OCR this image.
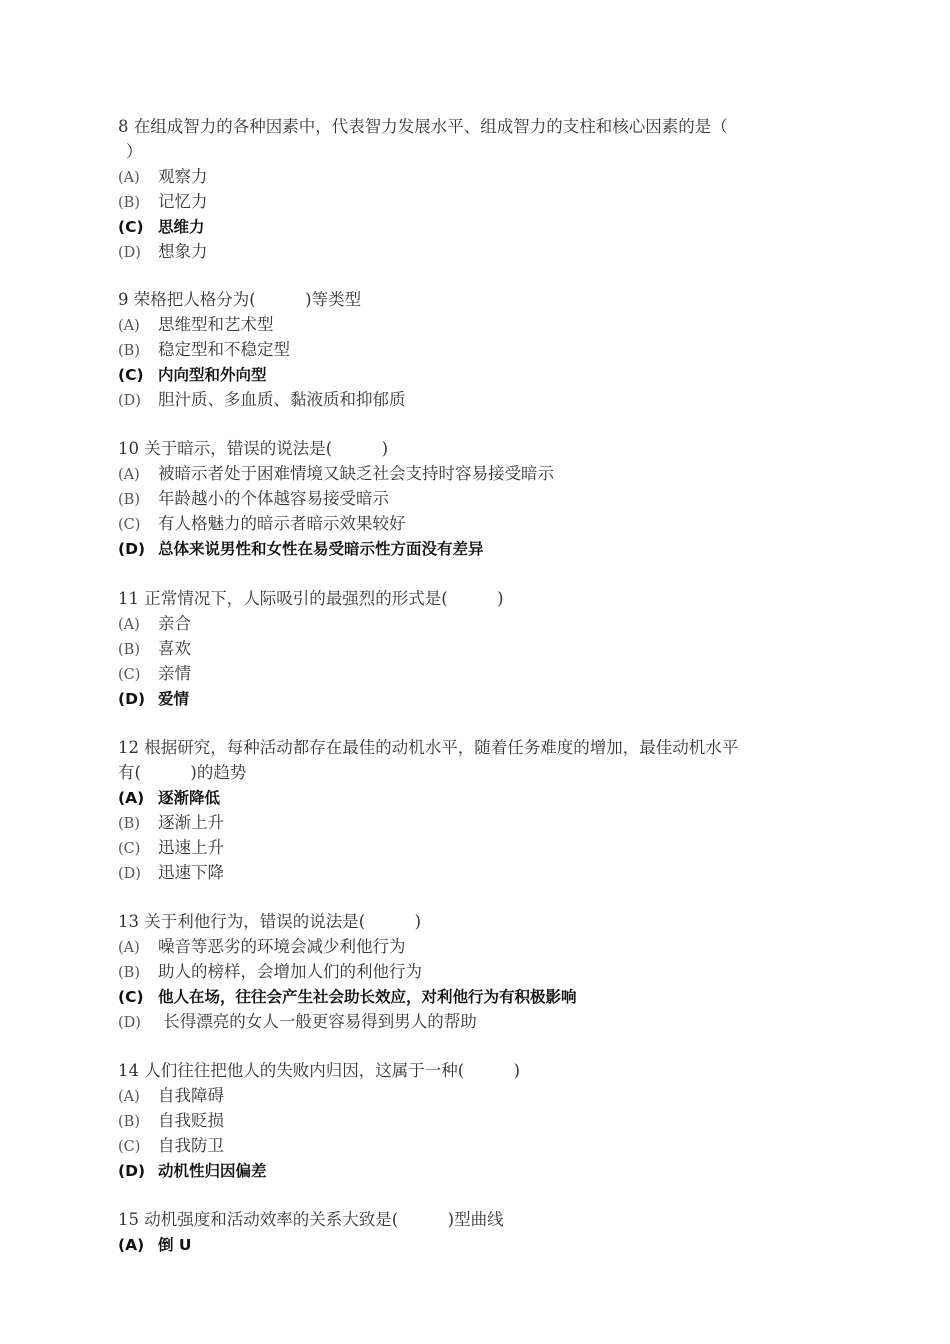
8 在组成智力的各种因素中，代表智力发展水平、组成智力的支柱和核心因素的是（
）
(A) 观察力
(B) 记忆力
(C) 思维力
(D) 想象力
9 荣格把人格分为(　　　)等类型
(A) 思维型和艺术型
(B) 稳定型和不稳定型
(C) 内向型和外向型
(D) 胆汁质、多血质、黏液质和抑郁质
10 关于暗示，错误的说法是(　　　)
(A) 被暗示者处于困难情境又缺乏社会支持时容易接受暗示
(B) 年龄越小的个体越容易接受暗示
(C) 有人格魅力的暗示者暗示效果较好
(D) 总体来说男性和女性在易受暗示性方面没有差异
11 正常情况下，人际吸引的最强烈的形式是(　　　)
(A) 亲合
(B) 喜欢
(C) 亲情
(D) 爱情
12 根据研究，每种活动都存在最佳的动机水平，随着任务难度的增加，最佳动机水平
有(　　　)的趋势
(A) 逐渐降低
(B) 逐渐上升
(C) 迅速上升
(D) 迅速下降
13 关于利他行为，错误的说法是(　　　)
(A) 噪音等恶劣的环境会减少利他行为
(B) 助人的榜样，会增加人们的利他行为
(C) 他人在场，往往会产生社会助长效应，对利他行为有积极影响
(D) 长得漂亮的女人一般更容易得到男人的帮助
14 人们往往把他人的失败内归因，这属于一种(　　　)
(A) 自我障碍
(B) 自我贬损
(C) 自我防卫
(D) 动机性归因偏差
15 动机强度和活动效率的关系大致是(　　　)型曲线
(A) 倒 U
